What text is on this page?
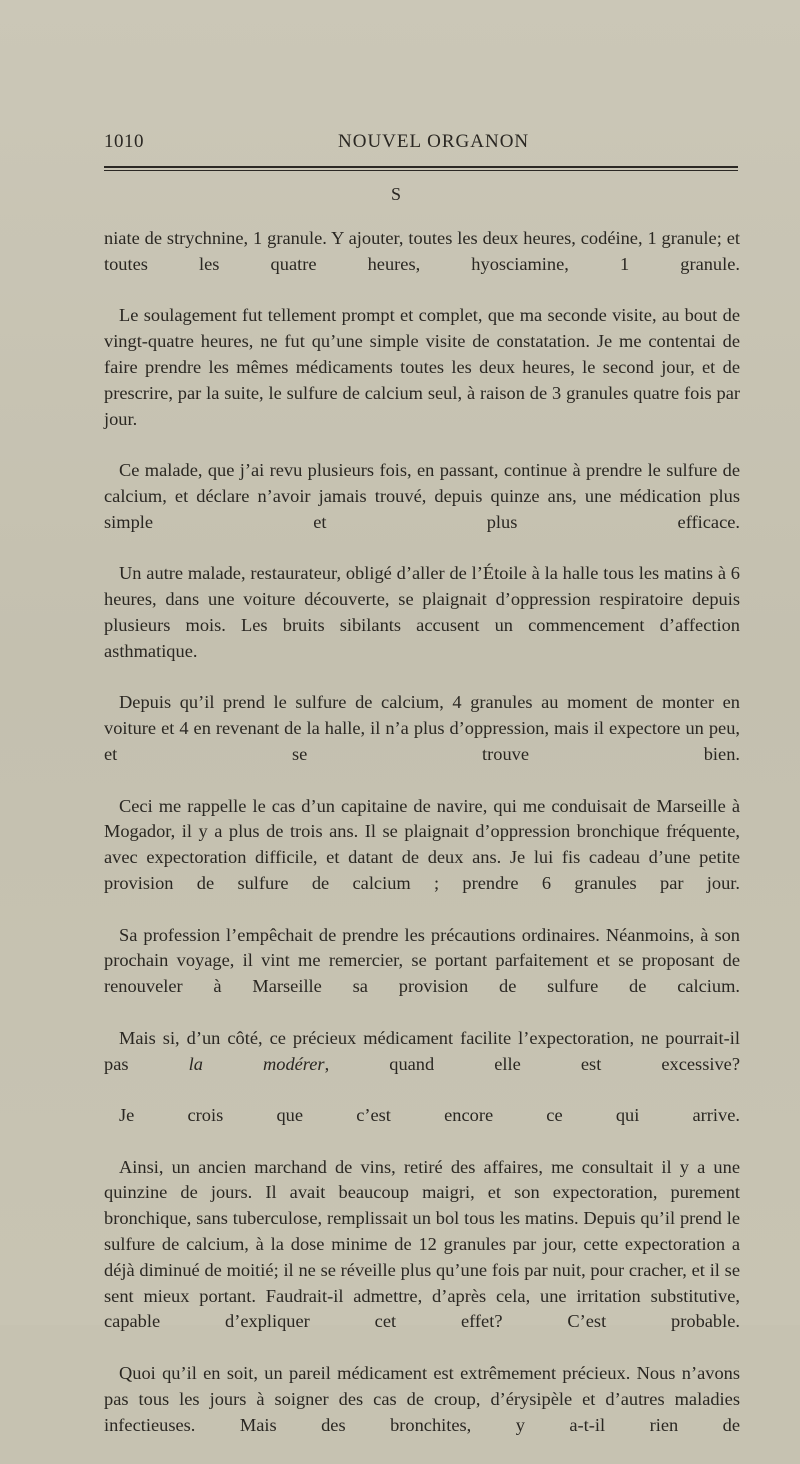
1010	NOUVEL ORGANON
S

niate de strychnine, 1 granule. Y ajouter, toutes les deux heures, codéine, 1 granule; et toutes les quatre heures, hyosciamine, 1 granule.

Le soulagement fut tellement prompt et complet, que ma seconde visite, au bout de vingt-quatre heures, ne fut qu’une simple visite de constatation. Je me contentai de faire prendre les mêmes médicaments toutes les deux heures, le second jour, et de prescrire, par la suite, le sulfure de calcium seul, à raison de 3 granules quatre fois par jour.

Ce malade, que j’ai revu plusieurs fois, en passant, continue à prendre le sulfure de calcium, et déclare n’avoir jamais trouvé, depuis quinze ans, une médication plus simple et plus efficace.

Un autre malade, restaurateur, obligé d’aller de l’Étoile à la halle tous les matins à 6 heures, dans une voiture découverte, se plaignait d’oppression respiratoire depuis plusieurs mois. Les bruits sibilants accusent un commencement d’affection asthmatique.

Depuis qu’il prend le sulfure de calcium, 4 granules au moment de monter en voiture et 4 en revenant de la halle, il n’a plus d’oppression, mais il expectore un peu, et se trouve bien.

Ceci me rappelle le cas d’un capitaine de navire, qui me conduisait de Marseille à Mogador, il y a plus de trois ans. Il se plaignait d’oppression bronchique fréquente, avec expectoration difficile, et datant de deux ans. Je lui fis cadeau d’une petite provision de sulfure de calcium ; prendre 6 granules par jour.

Sa profession l’empêchait de prendre les précautions ordinaires. Néanmoins, à son prochain voyage, il vint me remercier, se portant parfaitement et se proposant de renouveler à Marseille sa provision de sulfure de calcium.

Mais si, d’un côté, ce précieux médicament facilite l’expectoration, ne pourrait-il pas la modérer, quand elle est excessive?

Je crois que c’est encore ce qui arrive.

Ainsi, un ancien marchand de vins, retiré des affaires, me consultait il y a une quinzine de jours. Il avait beaucoup maigri, et son expectoration, purement bronchique, sans tuberculose, remplissait un bol tous les matins. Depuis qu’il prend le sulfure de calcium, à la dose minime de 12 granules par jour, cette expectoration a déjà diminué de moitié; il ne se réveille plus qu’une fois par nuit, pour cracher, et il se sent mieux portant. Faudrait-il admettre, d’après cela, une irritation substitutive, capable d’expliquer cet effet? C’est probable.

Quoi qu’il en soit, un pareil médicament est extrêmement précieux. Nous n’avons pas tous les jours à soigner des cas de croup, d’érysipèle et d’autres maladies infectieuses. Mais des bronchites, y a-t-il rien de
